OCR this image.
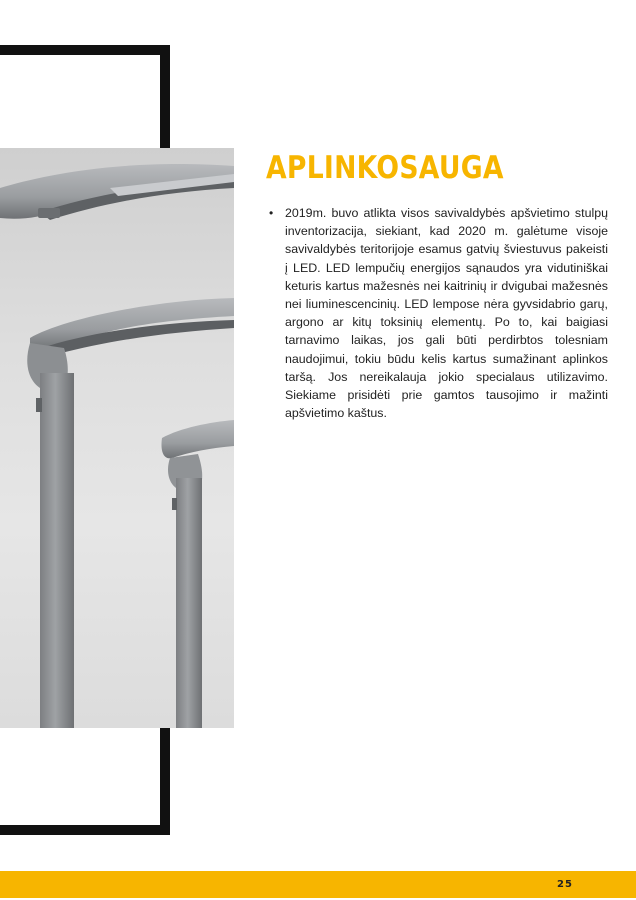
APLINKOSAUGA
• 2019m. buvo atlikta visos savivaldybės apšvietimo stulpų inventorizacija, siekiant, kad 2020 m. galėtume visoje savivaldybės teritorijoje esamus gatvių šviestuvus pakeisti į LED. LED lempučių energijos sąnaudos yra vidutiniškai keturis kartus mažesnės nei kaitrinių ir dvigubai mažesnės nei liuminescencinių. LED lempose nėra gyvsidabrio garų, argono ar kitų toksinių elementų. Po to, kai baigiasi tarnavimo laikas, jos gali būti perdirbtos tolesniam naudojimui, tokiu būdu kelis kartus sumažinant aplinkos taršą. Jos nereikalauja jokio specialaus utilizavimo. Siekiame prisidėti prie gamtos tausojimo ir mažinti apšvietimo kaštus.
25
